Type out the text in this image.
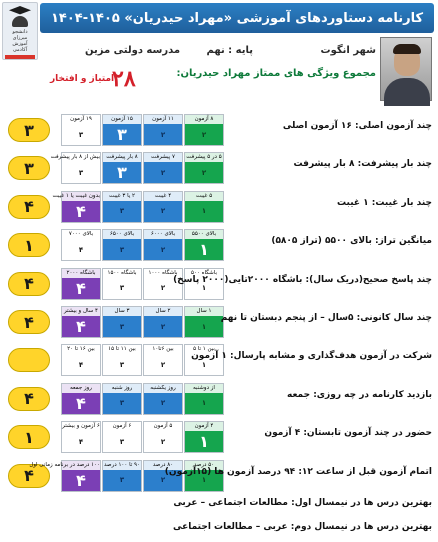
دانشجو
میرزای
آموزش
آکادمی
کارنامه دستاوردهای آموزشی «مهراد حیدریان» ۱۴۰۵-۱۴۰۴
شهر انگوت
پایه : نهم
مدرسه دولتی مزین
مجموع ویژگی های ممتاز مهراد حیدریان:
۲۸
امتیاز و افتخار
۳
۸ آزمون
۲
۱۱ آزمون
۲
۱۵ آزمون
۳
۱۹ آزمون
۳
چند آزمون اصلی: ۱۶ آزمون اصلی
۳
۵ در ۵ پیشرفت
۲
۷ پیشرفت
۲
۸ بار پیشرفت
۳
بیش از ۸ بار پیشرفت
۳
چند بار پیشرفت: ۸ بار پیشرفت
۴
۵ غیبت
۱
۴ غیبت
۲
۲ یا ۳ غیبت
۳
بدون غیبت یا ۱ غیبت
۴	چند بار غیبت: ۱ غیبت
۱
بالای ۵۵۰۰
۱
بالای ۶۰۰۰
۲
بالای ۶۵۰۰
۳
بالای ۷۰۰۰
۴
میانگین تراز: بالای ۵۵۰۰ (تراز ۵۸۰۵)
۴
باشگاه ۵۰۰
۱
باشگاه ۱۰۰۰
۲
باشگاه ۱۵۰۰
۳
باشگاه ۲۰۰۰
۴	چند پاسخ صحیح(دریک سال): باشگاه ۲۰۰۰تایی(۲۰۰۰ پاسخ)
۴
۱ سال
۱
۲ سال
۲
۳ سال
۳
۴ سال و بیشتر
۴	چند سال کانونی: ۵سال – از پنجم دبستان تا نهم
بین ۱ تا ۵
۱
بین ۶تا۱۰
۲
بین ۱۱ تا ۱۵
۳
بین ۱۶ تا ۲۰
۴
شرکت در آزمون هدف‌گذاری و مشابه پارسال: ۱ آزمون
۴
از دوشنبه
۱
روز یکشنبه
۲
روز شنبه
۳
روز جمعه
۴	بازدید کارنامه در چه روزی: جمعه
۱
۴ آزمون
۱
۵ آزمون
۲
۶ آزمون
۳
۶ آزمون و بیشتر
۴
حضور در چند آزمون تابستان: ۴ آزمون
۴
۵۰ درصد
۱
۸۰ درصد
۲
۹۰ تا ۱۰۰ درصد
۳
۱۰۰ درصد در برنامه زمانی اول
۴	اتمام آزمون قبل از ساعت ۱۲: ۹۴ درصد آزمون ها (۱۵آزمون)
بهترین درس ها در نیمسال اول: مطالعات اجتماعی – عربی
بهترین درس ها در نیمسال دوم: عربی – مطالعات اجتماعی
